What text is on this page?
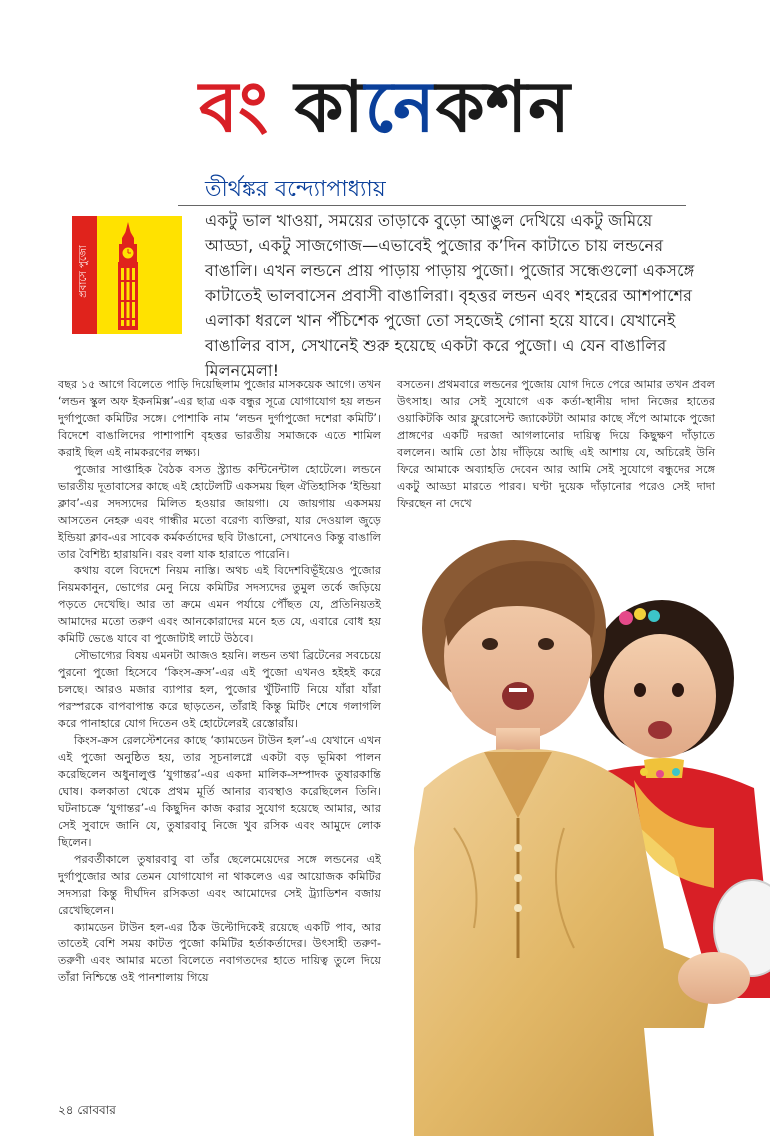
বং কানেকশন
তীর্থঙ্কর বন্দ্যোপাধ্যায়
প্রবাসে পুজো
একটু ভাল খাওয়া, সময়ের তাড়াকে বুড়ো আঙুল দেখিয়ে একটু জমিয়ে আড্ডা, একটু সাজগোজ—এভাবেই পুজোর ক’দিন কাটাতে চায় লন্ডনের বাঙালি। এখন লন্ডনে প্রায় পাড়ায় পাড়ায় পুজো। পুজোর সন্ধেগুলো একসঙ্গে কাটাতেই ভালবাসেন প্রবাসী বাঙালিরা। বৃহত্তর লন্ডন এবং শহরের আশপাশের এলাকা ধরলে খান পঁচিশেক পুজো তো সহজেই গোনা হয়ে যাবে। যেখানেই বাঙালির বাস, সেখানেই শুরু হয়েছে একটা করে পুজো। এ যেন বাঙালির মিলনমেলা!

বছর ১৫ আগে বিলেতে পাড়ি দিয়েছিলাম পুজোর মাসকয়েক আগে। তখন ‘লন্ডন স্কুল অফ ইকনমিক্স’-এর ছাত্র এক বন্ধুর সূত্রে যোগাযোগ হয় লন্ডন দুর্গাপুজো কমিটির সঙ্গে। পোশাকি নাম ‘লন্ডন দুর্গাপুজো দশেরা কমিটি’। বিদেশে বাঙালিদের পাশাপাশি বৃহত্তর ভারতীয় সমাজকে এতে শামিল করাই ছিল এই নামকরণের লক্ষ্য।

পুজোর সাপ্তাহিক বৈঠক বসত স্ট্র্যান্ড কন্টিনেন্টাল হোটেলে। লন্ডনে ভারতীয় দূতাবাসের কাছে এই হোটেলটি একসময় ছিল ঐতিহাসিক ‘ইন্ডিয়া ক্লাব’-এর সদস্যদের মিলিত হওয়ার জায়গা। যে জায়গায় একসময় আসতেন নেহরু এবং গান্ধীর মতো বরেণ্য ব্যক্তিরা, যার দেওয়াল জুড়ে ইন্ডিয়া ক্লাব-এর সাবেক কর্মকর্তাদের ছবি টাঙানো, সেখানেও কিন্তু বাঙালি তার বৈশিষ্ট্য হারায়নি। বরং বলা যাক হারাতে পারেনি।

কথায় বলে বিদেশে নিয়ম নাস্তি। অথচ এই বিদেশবিভূঁইয়েও পুজোর নিয়মকানুন, ভোগের মেনু নিয়ে কমিটির সদস্যদের তুমুল তর্কে জড়িয়ে পড়তে দেখেছি। আর তা ক্রমে এমন পর্যায়ে পৌঁছত যে, প্রতিনিয়তই আমাদের মতো তরুণ এবং আনকোরাদের মনে হত যে, এবারে বোধ হয় কমিটি ভেঙে যাবে বা পুজোটাই লাটে উঠবে।

সৌভাগ্যের বিষয় এমনটা আজও হয়নি। লন্ডন তথা ব্রিটেনের সবচেয়ে পুরনো পুজো হিসেবে ‘কিংস-ক্রস’-এর এই পুজো এখনও হইহই করে চলছে। আরও মজার ব্যাপার হল, পুজোর খুঁটিনাটি নিয়ে যাঁরা যাঁরা পরস্পরকে বাপবাপান্ত করে ছাড়তেন, তাঁরাই কিন্তু মিটিং শেষে গলাগলি করে পানাহারে যোগ দিতেন ওই হোটেলেরই রেস্তোরাঁয়।

কিংস-ক্রস রেলস্টেশনের কাছে ‘ক্যামডেন টাউন হল’-এ যেখানে এখন এই পুজো অনুষ্ঠিত হয়, তার সূচনালগ্নে একটা বড় ভূমিকা পালন করেছিলেন অধুনালুপ্ত ‘যুগান্তর’-এর একদা মালিক-সম্পাদক তুষারকান্তি ঘোষ। কলকাতা থেকে প্রথম মূর্তি আনার ব্যবস্থাও করেছিলেন তিনি। ঘটনাচক্রে ‘যুগান্তর’-এ কিছুদিন কাজ করার সুযোগ হয়েছে আমার, আর সেই সুবাদে জানি যে, তুষারবাবু নিজে খুব রসিক এবং আমুদে লোক ছিলেন।

পরবর্তীকালে তুষারবাবু বা তাঁর ছেলেমেয়েদের সঙ্গে লন্ডনের এই দুর্গাপুজোর আর তেমন যোগাযোগ না থাকলেও এর আয়োজক কমিটির সদস্যরা কিন্তু দীর্ঘদিন রসিকতা এবং আমোদের সেই ট্র্যাডিশন বজায় রেখেছিলেন।

ক্যামডেন টাউন হল-এর ঠিক উল্টোদিকেই রয়েছে একটি পাব, আর তাতেই বেশি সময় কাটত পুজো কমিটির হর্তাকর্তাদের। উৎসাহী তরুণ-তরুণী এবং আমার মতো বিলেতে নবাগতদের হাতে দায়িত্ব তুলে দিয়ে তাঁরা নিশ্চিন্তে ওই পানশালায় গিয়ে

বসতেন। প্রথমবারে লন্ডনের পুজোয় যোগ দিতে পেরে আমার তখন প্রবল উৎসাহ। আর সেই সুযোগে এক কর্তা-স্থানীয় দাদা নিজের হাতের ওয়াকিটকি আর ফ্লুরোসেন্ট জ্যাকেটটা আমার কাছে সঁপে আমাকে পুজো প্রাঙ্গণের একটি দরজা আগলানোর দায়িত্ব দিয়ে কিছুক্ষণ দাঁড়াতে বললেন। আমি তো ঠায় দাঁড়িয়ে আছি এই আশায় যে, অচিরেই উনি ফিরে আমাকে অব্যাহতি দেবেন আর আমি সেই সুযোগে বন্ধুদের সঙ্গে একটু আড্ডা মারতে পারব। ঘণ্টা দুয়েক দাঁড়ানোর পরেও সেই দাদা ফিরছেন না দেখে

২৪ রোববার
